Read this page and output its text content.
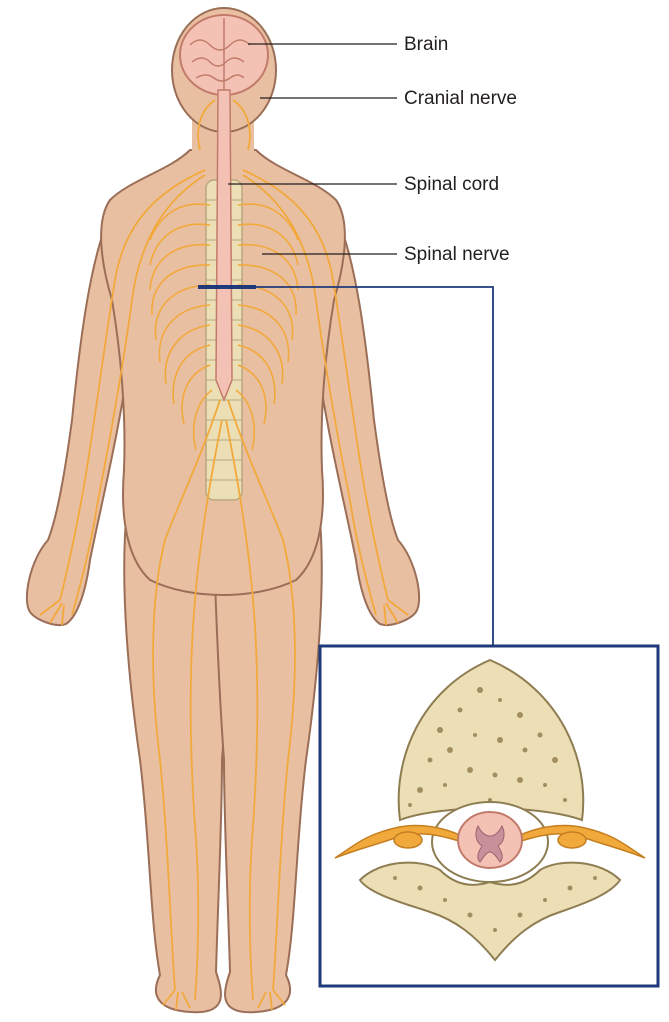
Brain
Cranial nerve
Spinal cord
Spinal nerve
